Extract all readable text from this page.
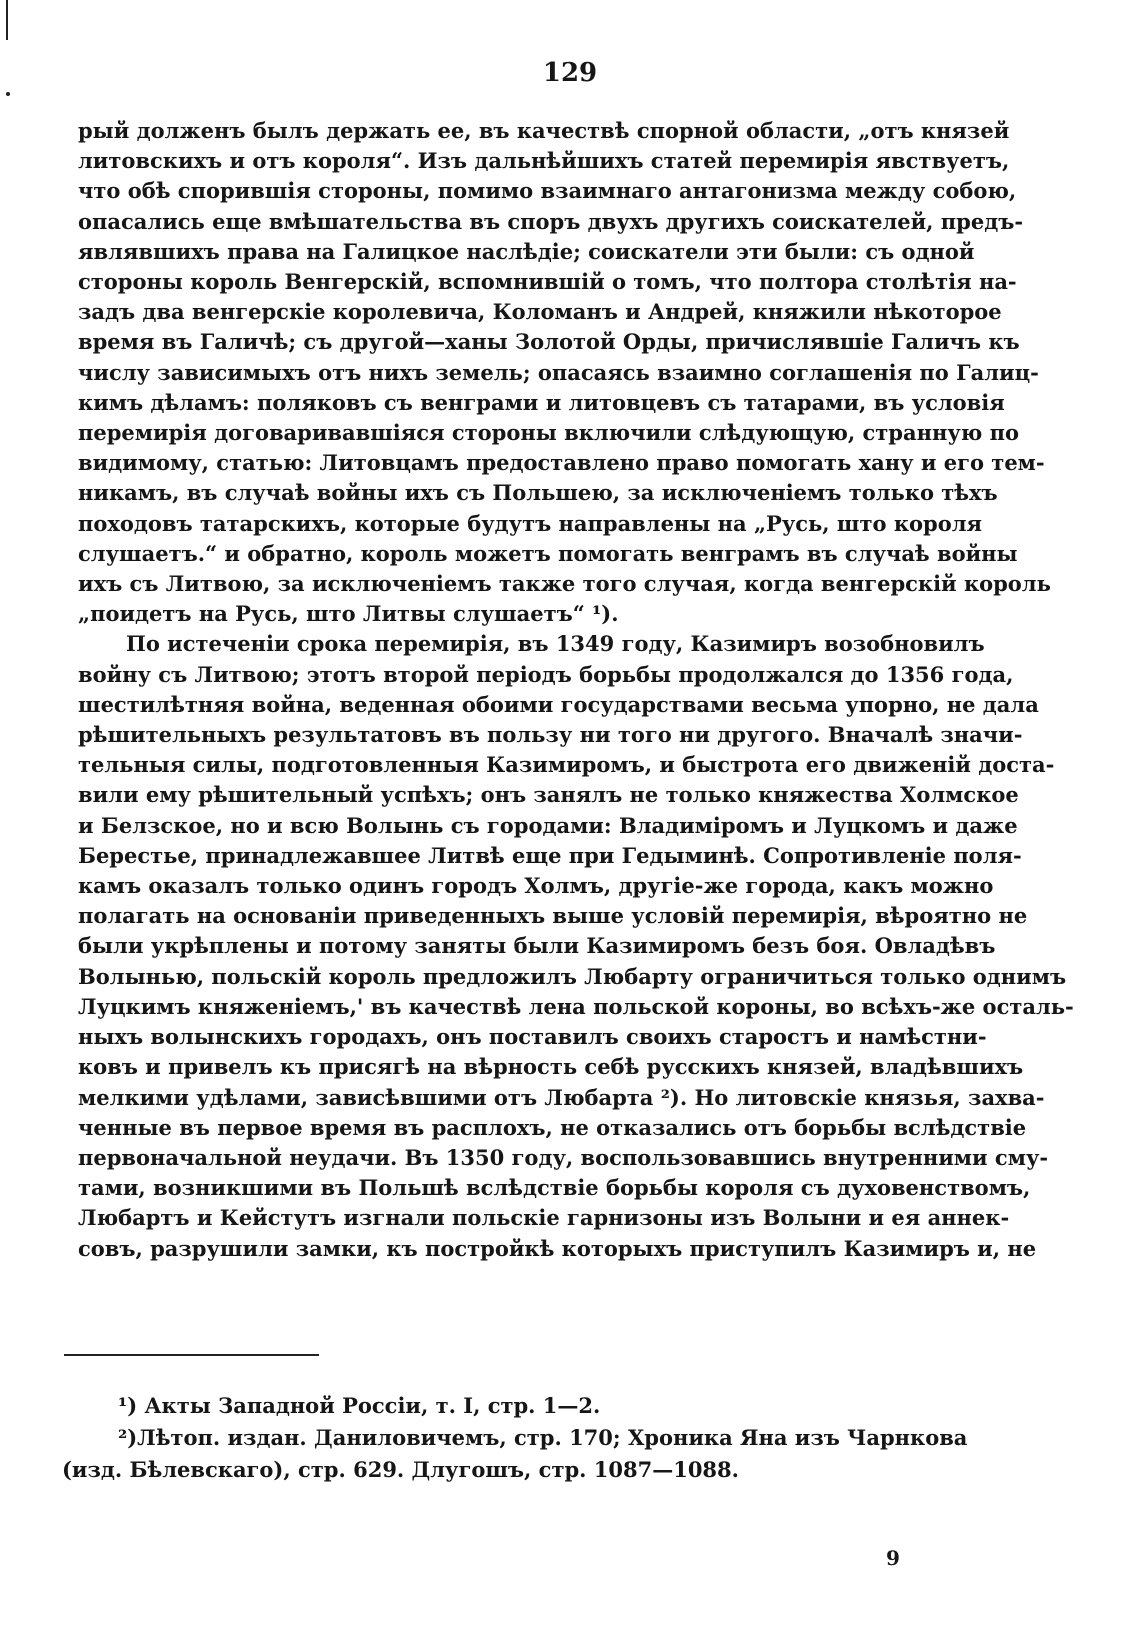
129
рый долженъ былъ держать ее, въ качествѣ спорной области, „отъ князей
литовскихъ и отъ короля“. Изъ дальнѣйшихъ статей перемирія явствуетъ,
что обѣ спорившія стороны, помимо взаимнаго антагонизма между собою,
опасались еще вмѣшательства въ споръ двухъ другихъ соискателей, предъ-
являвшихъ права на Галицкое наслѣдіе; соискатели эти были: съ одной
стороны король Венгерскій, вспомнившій о томъ, что полтора столѣтія на-
задъ два венгерскіе королевича, Коломанъ и Андрей, княжили нѣкоторое
время въ Галичѣ; съ другой—ханы Золотой Орды, причислявшіе Галичъ къ
числу зависимыхъ отъ нихъ земель; опасаясь взаимно соглашенія по Галиц-
кимъ дѣламъ: поляковъ съ венграми и литовцевъ съ татарами, въ условія
перемирія договаривавшіяся стороны включили слѣдующую, странную по
видимому, статью: Литовцамъ предоставлено право помогать хану и его тем-
никамъ, въ случаѣ войны ихъ съ Польшею, за исключеніемъ только тѣхъ
походовъ татарскихъ, которые будутъ направлены на „Русь, што короля
слушаетъ.“ и обратно, король можетъ помогать венграмъ въ случаѣ войны
ихъ съ Литвою, за исключеніемъ также того случая, когда венгерскій король
„поидетъ на Русь, што Литвы слушаетъ“ ¹).
По истеченіи срока перемирія, въ 1349 году, Казимиръ возобновилъ
войну съ Литвою; этотъ второй періодъ борьбы продолжался до 1356 года,
шестилѣтняя война, веденная обоими государствами весьма упорно, не дала
рѣшительныхъ результатовъ въ пользу ни того ни другого. Вначалѣ значи-
тельныя силы, подготовленныя Казимиромъ, и быстрота его движеній доста-
вили ему рѣшительный успѣхъ; онъ занялъ не только княжества Холмское
и Белзское, но и всю Волынь съ городами: Владиміромъ и Луцкомъ и даже
Берестье, принадлежавшее Литвѣ еще при Гедыминѣ. Сопротивленіе поля-
камъ оказалъ только одинъ городъ Холмъ, другіе-же города, какъ можно
полагать на основаніи приведенныхъ выше условій перемирія, вѣроятно не
были укрѣплены и потому заняты были Казимиромъ безъ боя. Овладѣвъ
Волынью, польскій король предложилъ Любарту ограничиться только однимъ
Луцкимъ княженіемъ,' въ качествѣ лена польской короны, во всѣхъ-же осталь-
ныхъ волынскихъ городахъ, онъ поставилъ своихъ старостъ и намѣстни-
ковъ и привелъ къ присягѣ на вѣрность себѣ русскихъ князей, владѣвшихъ
мелкими удѣлами, зависѣвшими отъ Любарта ²). Но литовскіе князья, захва-
ченные въ первое время въ расплохъ, не отказались отъ борьбы вслѣдствіе
первоначальной неудачи. Въ 1350 году, воспользовавшись внутренними сму-
тами, возникшими въ Польшѣ вслѣдствіе борьбы короля съ духовенствомъ,
Любартъ и Кейстутъ изгнали польскіе гарнизоны изъ Волыни и ея аннек-
совъ, разрушили замки, къ постройкѣ которыхъ приступилъ Казимиръ и, не
¹) Акты Западной Россіи, т. I, стр. 1—2.
²)Лѣтоп. издан. Даниловичемъ, стр. 170; Хроника Яна изъ Чарнкова
(изд. Бѣлевскаго), стр. 629. Длугошъ, стр. 1087—1088.
9
